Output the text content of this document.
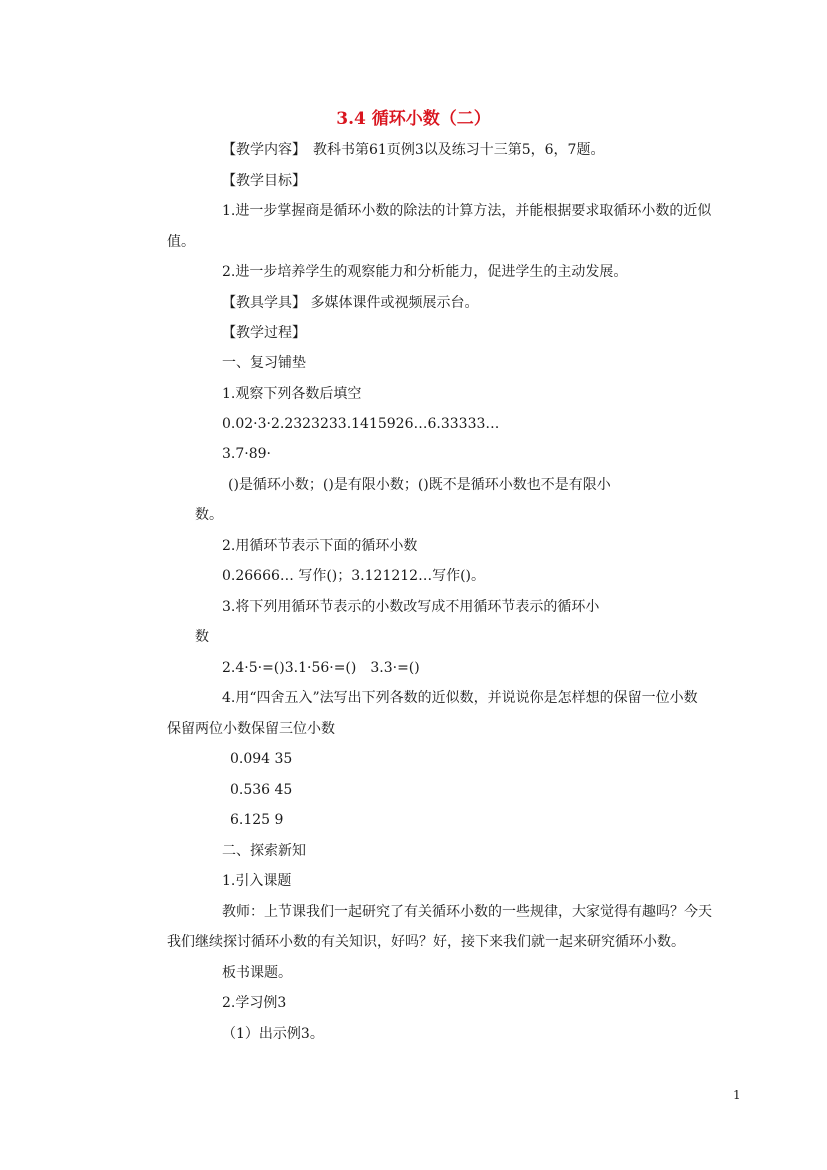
3.4 循环小数（二）
【教学内容】　教科书第61页例3以及练习十三第5，6，7题。
【教学目标】
1.进一步掌握商是循环小数的除法的计算方法，并能根据要求取循环小数的近似
值。
2.进一步培养学生的观察能力和分析能力，促进学生的主动发展。
【教具学具】 多媒体课件或视频展示台。
【教学过程】
一、复习铺垫
1.观察下列各数后填空
0.02·3·2.2323233.1415926…6.33333…
3.7·89·
()是循环小数；()是有限小数；()既不是循环小数也不是有限小
数。
2.用循环节表示下面的循环小数
0.26666… 写作()；3.121212…写作()。
3.将下列用循环节表示的小数改写成不用循环节表示的循环小
数
2.4·5·=()3.1·56·=()　3.3·=()
4.用“四舍五入”法写出下列各数的近似数，并说说你是怎样想的保留一位小数
保留两位小数保留三位小数
0.094 35
0.536 45
6.125 9
二、探索新知
1.引入课题
教师：上节课我们一起研究了有关循环小数的一些规律，大家觉得有趣吗？今天
我们继续探讨循环小数的有关知识，好吗？好，接下来我们就一起来研究循环小数。
板书课题。
2.学习例3
（1）出示例3。
1
